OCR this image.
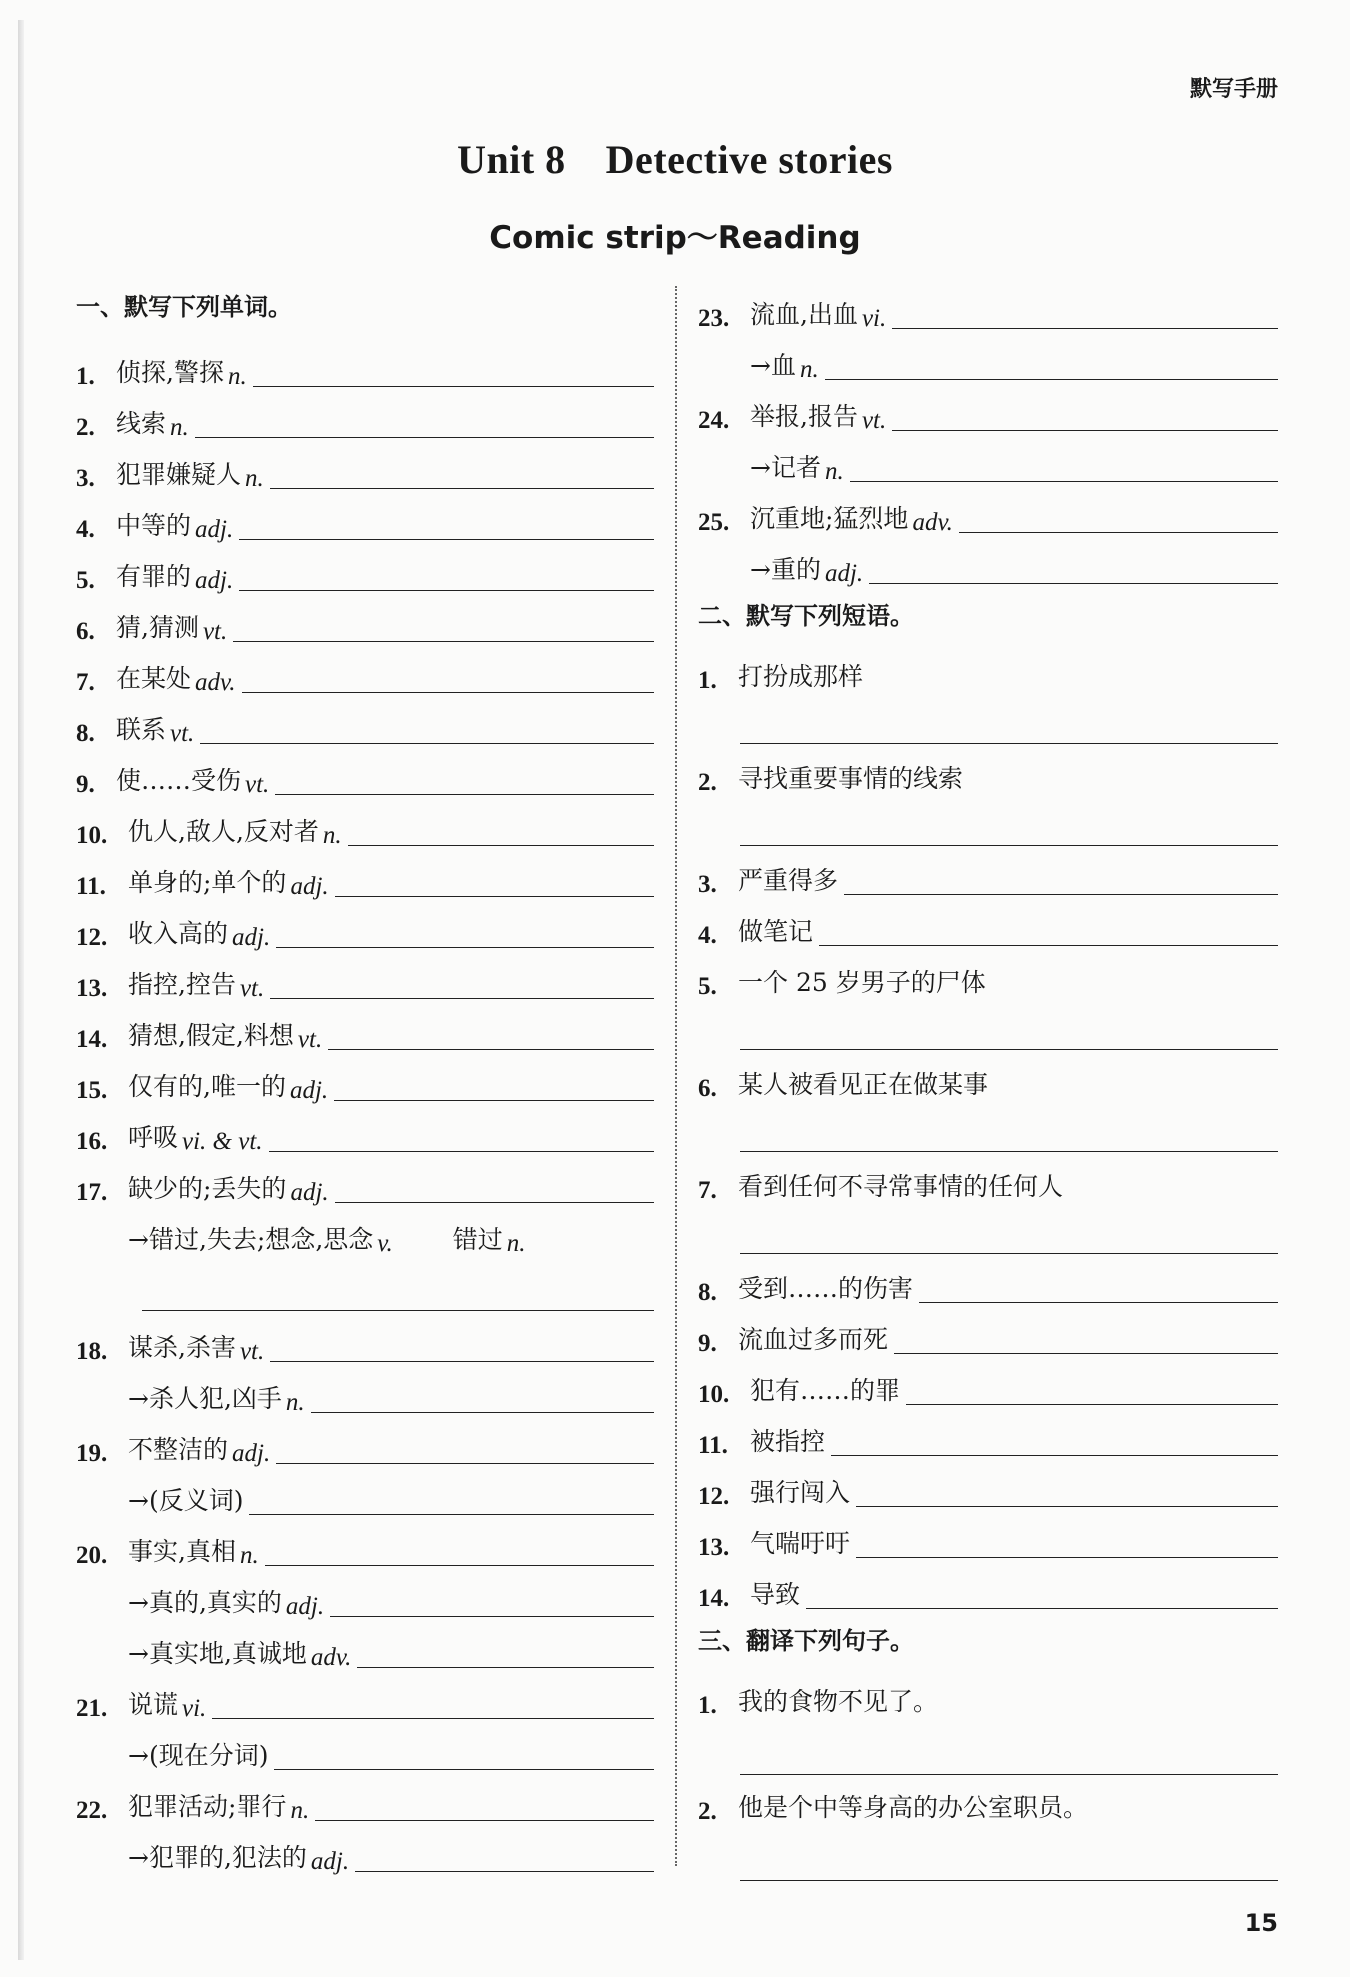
默写手册
Unit 8 Detective stories
Comic strip～Reading
一、默写下列单词。
1. 侦探,警探 n.
2. 线索 n.
3. 犯罪嫌疑人 n.
4. 中等的 adj.
5. 有罪的 adj.
6. 猜,猜测 vt.
7. 在某处 adv.
8. 联系 vt.
9. 使……受伤 vt.
10. 仇人,敌人,反对者 n.
11. 单身的;单个的 adj.
12. 收入高的 adj.
13. 指控,控告 vt.
14. 猜想,假定,料想 vt.
15. 仅有的,唯一的 adj.
16. 呼吸 vi. & vt.
17. 缺少的;丢失的 adj.
→错过,失去;想念,思念 v. 错过 n.
18. 谋杀,杀害 vt.
→杀人犯,凶手 n.
19. 不整洁的 adj.
→(反义词)
20. 事实,真相 n.
→真的,真实的 adj.
→真实地,真诚地 adv.
21. 说谎 vi.
→(现在分词)
22. 犯罪活动;罪行 n.
→犯罪的,犯法的 adj.
23. 流血,出血 vi.
→血 n.
24. 举报,报告 vt.
→记者 n.
25. 沉重地;猛烈地 adv.
→重的 adj.
二、默写下列短语。
1. 打扮成那样
2. 寻找重要事情的线索
3. 严重得多
4. 做笔记
5. 一个 25 岁男子的尸体
6. 某人被看见正在做某事
7. 看到任何不寻常事情的任何人
8. 受到……的伤害
9. 流血过多而死
10. 犯有……的罪
11. 被指控
12. 强行闯入
13. 气喘吁吁
14. 导致
三、翻译下列句子。
1. 我的食物不见了。
2. 他是个中等身高的办公室职员。
15
